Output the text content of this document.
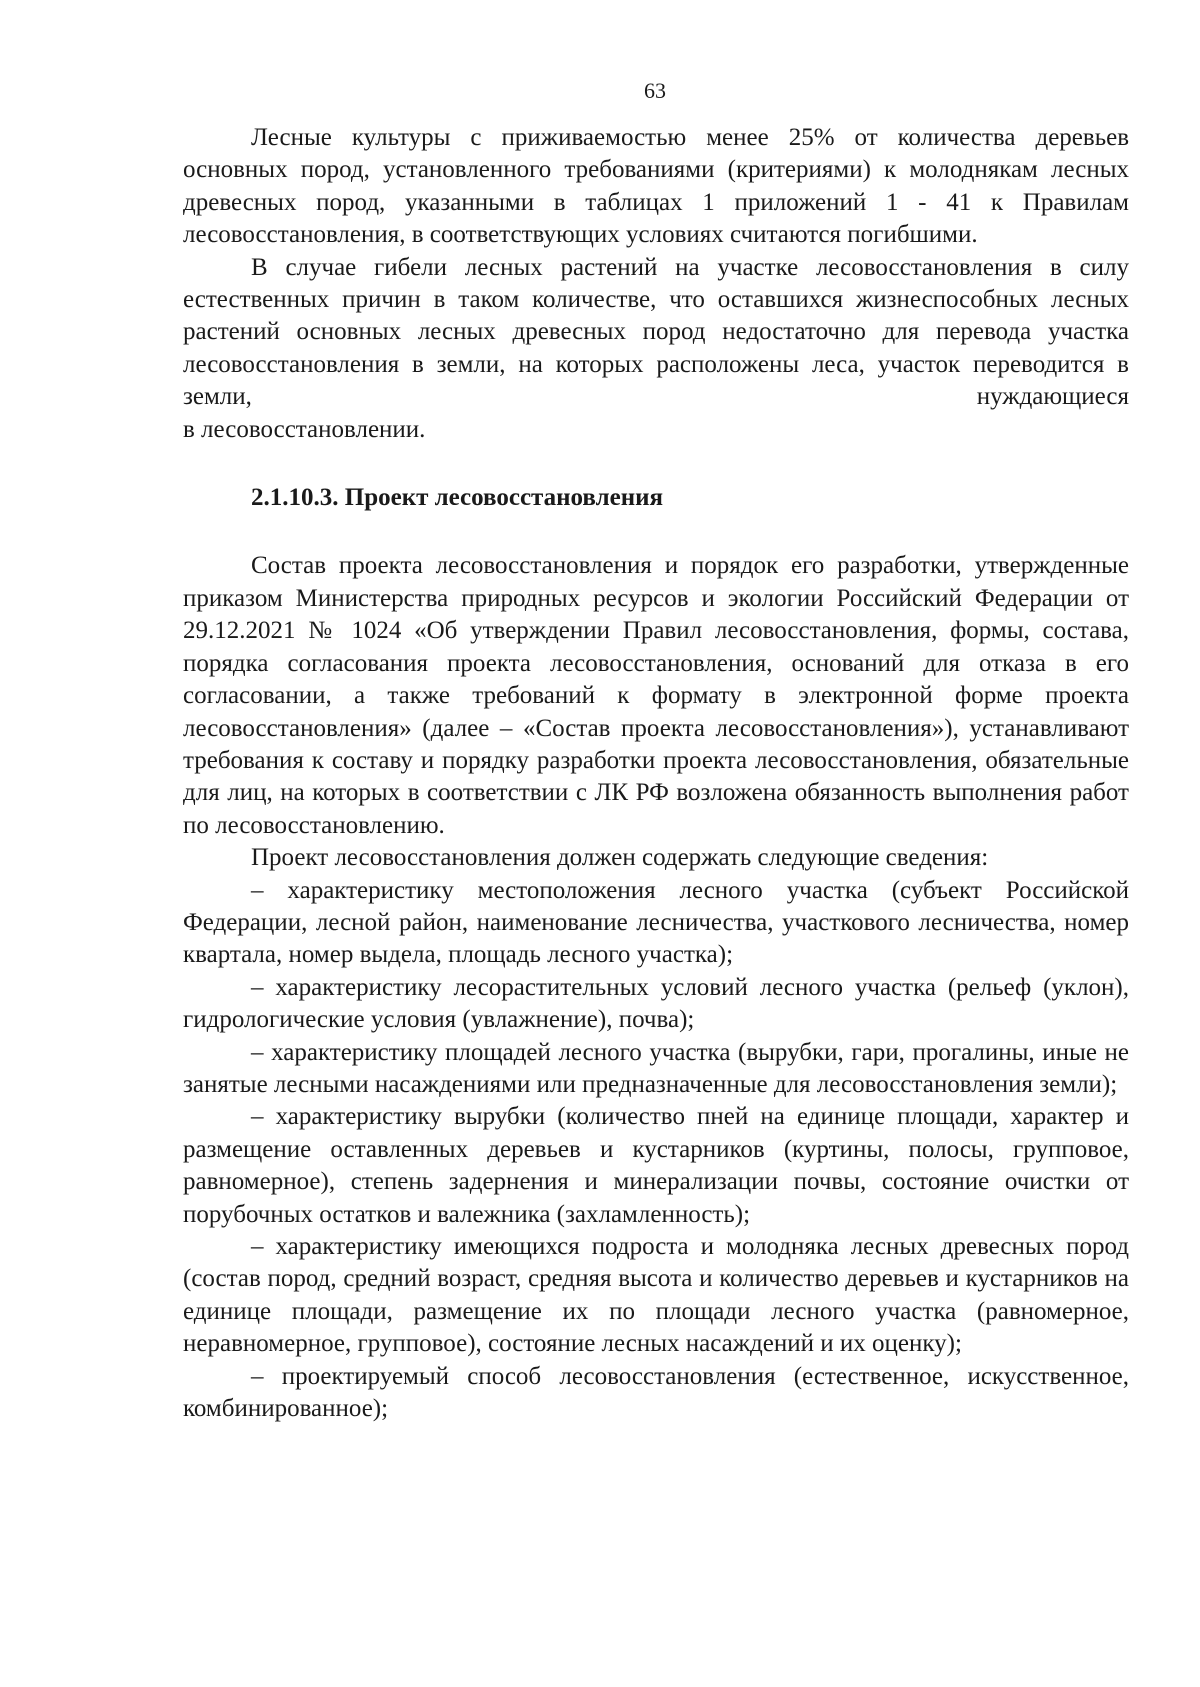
63

Лесные культуры с приживаемостью менее 25% от количества деревьев основных пород, установленного требованиями (критериями) к молоднякам лесных древесных пород, указанными в таблицах 1 приложений 1 - 41 к Правилам лесовосстановления, в соответствующих условиях считаются погибшими.

В случае гибели лесных растений на участке лесовосстановления в силу естественных причин в таком количестве, что оставшихся жизнеспособных лесных растений основных лесных древесных пород недостаточно для перевода участка лесовосстановления в земли, на которых расположены леса, участок переводится в земли, нуждающиеся

в лесовосстановлении.

2.1.10.3. Проект лесовосстановления

Состав проекта лесовосстановления и порядок его разработки, утвержденные приказом Министерства природных ресурсов и экологии Российский Федерации от 29.12.2021 № 1024 «Об утверждении Правил лесовосстановления, формы, состава, порядка согласования проекта лесовосстановления, оснований для отказа в его согласовании, а также требований к формату в электронной форме проекта лесовосстановления» (далее – «Состав проекта лесовосстановления»), устанавливают требования к составу и порядку разработки проекта лесовосстановления, обязательные для лиц, на которых в соответствии с ЛК РФ возложена обязанность выполнения работ по лесовосстановлению.

Проект лесовосстановления должен содержать следующие сведения:

– характеристику местоположения лесного участка (субъект Российской Федерации, лесной район, наименование лесничества, участкового лесничества, номер квартала, номер выдела, площадь лесного участка);

– характеристику лесорастительных условий лесного участка (рельеф (уклон), гидрологические условия (увлажнение), почва);

– характеристику площадей лесного участка (вырубки, гари, прогалины, иные не занятые лесными насаждениями или предназначенные для лесовосстановления земли);

– характеристику вырубки (количество пней на единице площади, характер и размещение оставленных деревьев и кустарников (куртины, полосы, групповое, равномерное), степень задернения и минерализации почвы, состояние очистки от порубочных остатков и валежника (захламленность);

– характеристику имеющихся подроста и молодняка лесных древесных пород (состав пород, средний возраст, средняя высота и количество деревьев и кустарников на единице площади, размещение их по площади лесного участка (равномерное, неравномерное, групповое), состояние лесных насаждений и их оценку);

– проектируемый способ лесовосстановления (естественное, искусственное, комбинированное);
